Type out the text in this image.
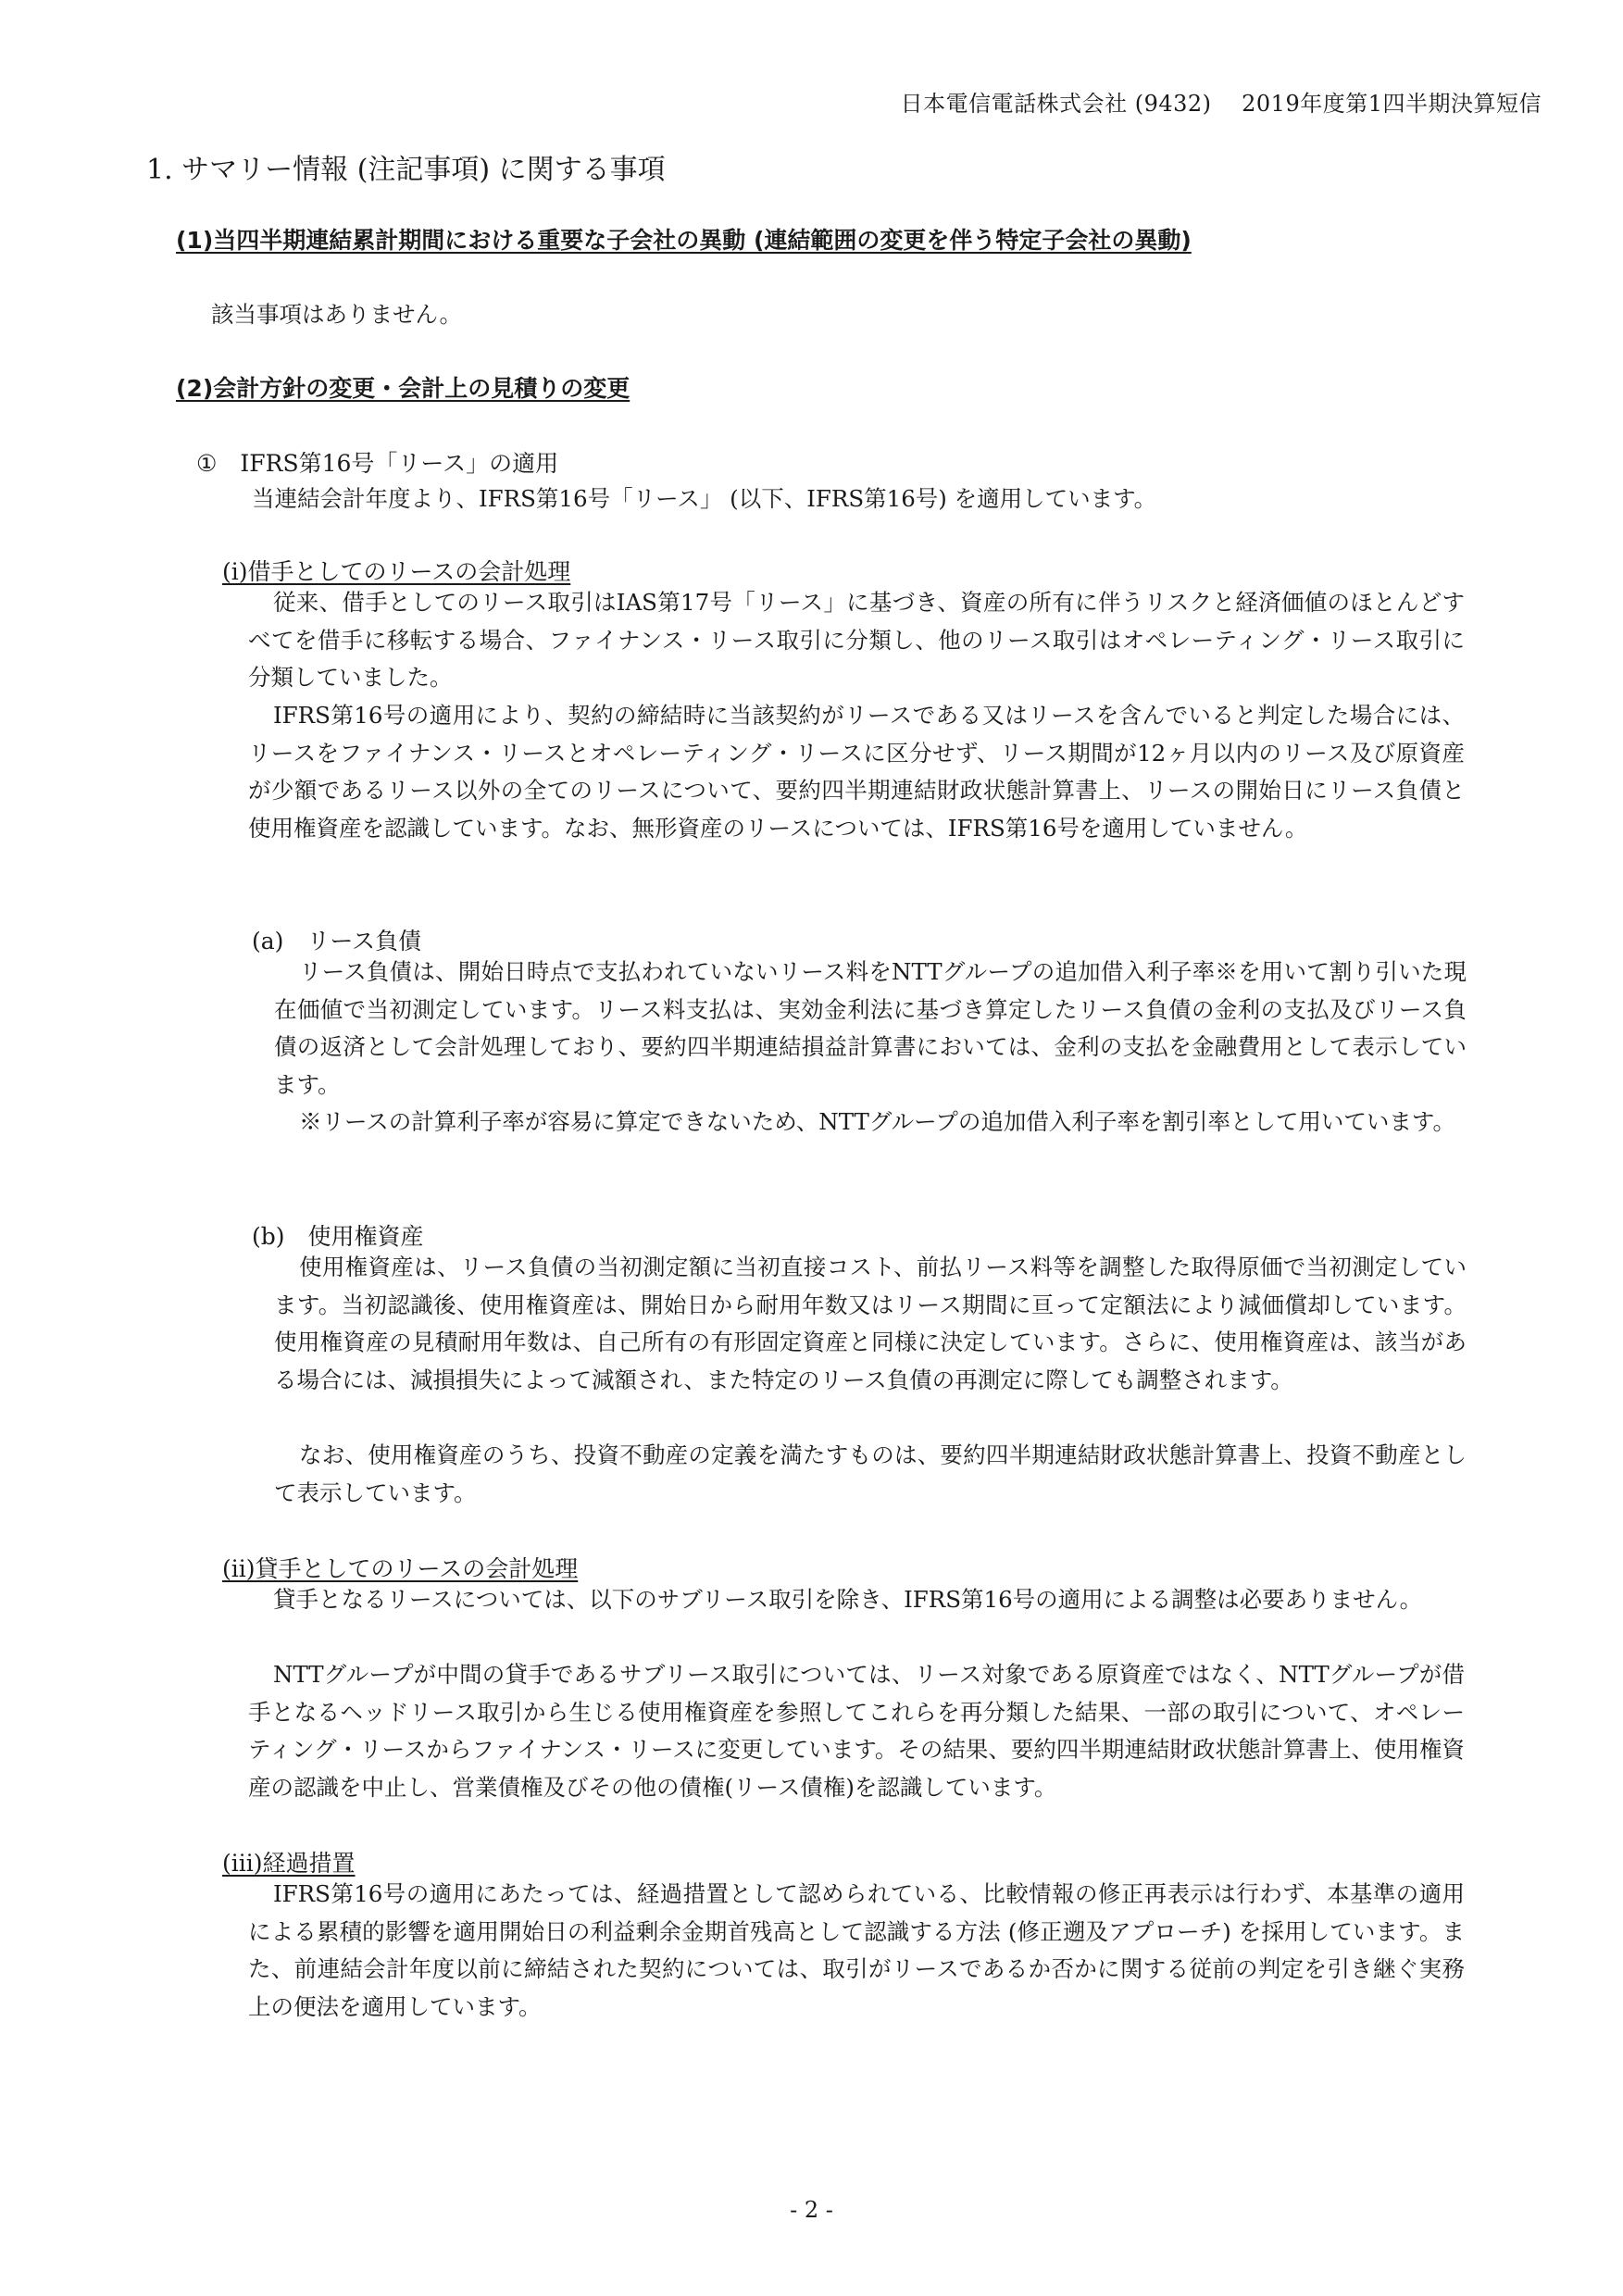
日本電信電話株式会社 (9432)　 2019年度第1四半期決算短信
1. サマリー情報 (注記事項) に関する事項
(1)当四半期連結累計期間における重要な子会社の異動 (連結範囲の変更を伴う特定子会社の異動)
該当事項はありません。
(2)会計方針の変更・会計上の見積りの変更
①　IFRS第16号「リース」の適用
当連結会計年度より、IFRS第16号「リース」 (以下、IFRS第16号) を適用しています。
(i)借手としてのリースの会計処理
従来、借手としてのリース取引はIAS第17号「リース」に基づき、資産の所有に伴うリスクと経済価値のほとんどすべてを借手に移転する場合、ファイナンス・リース取引に分類し、他のリース取引はオペレーティング・リース取引に分類していました。
IFRS第16号の適用により、契約の締結時に当該契約がリースである又はリースを含んでいると判定した場合には、リースをファイナンス・リースとオペレーティング・リースに区分せず、リース期間が12ヶ月以内のリース及び原資産が少額であるリース以外の全てのリースについて、要約四半期連結財政状態計算書上、リースの開始日にリース負債と使用権資産を認識しています。なお、無形資産のリースについては、IFRS第16号を適用していません。
(a)　リース負債
リース負債は、開始日時点で支払われていないリース料をNTTグループの追加借入利子率※を用いて割り引いた現在価値で当初測定しています。リース料支払は、実効金利法に基づき算定したリース負債の金利の支払及びリース負債の返済として会計処理しており、要約四半期連結損益計算書においては、金利の支払を金融費用として表示しています。
※リースの計算利子率が容易に算定できないため、NTTグループの追加借入利子率を割引率として用いています。
(b)　使用権資産
使用権資産は、リース負債の当初測定額に当初直接コスト、前払リース料等を調整した取得原価で当初測定しています。当初認識後、使用権資産は、開始日から耐用年数又はリース期間に亘って定額法により減価償却しています。使用権資産の見積耐用年数は、自己所有の有形固定資産と同様に決定しています。さらに、使用権資産は、該当がある場合には、減損損失によって減額され、また特定のリース負債の再測定に際しても調整されます。
なお、使用権資産のうち、投資不動産の定義を満たすものは、要約四半期連結財政状態計算書上、投資不動産として表示しています。
(ii)貸手としてのリースの会計処理
貸手となるリースについては、以下のサブリース取引を除き、IFRS第16号の適用による調整は必要ありません。
NTTグループが中間の貸手であるサブリース取引については、リース対象である原資産ではなく、NTTグループが借手となるヘッドリース取引から生じる使用権資産を参照してこれらを再分類した結果、一部の取引について、オペレーティング・リースからファイナンス・リースに変更しています。その結果、要約四半期連結財政状態計算書上、使用権資産の認識を中止し、営業債権及びその他の債権(リース債権)を認識しています。
(iii)経過措置
IFRS第16号の適用にあたっては、経過措置として認められている、比較情報の修正再表示は行わず、本基準の適用による累積的影響を適用開始日の利益剰余金期首残高として認識する方法 (修正遡及アプローチ) を採用しています。また、前連結会計年度以前に締結された契約については、取引がリースであるか否かに関する従前の判定を引き継ぐ実務上の便法を適用しています。
- 2 -
